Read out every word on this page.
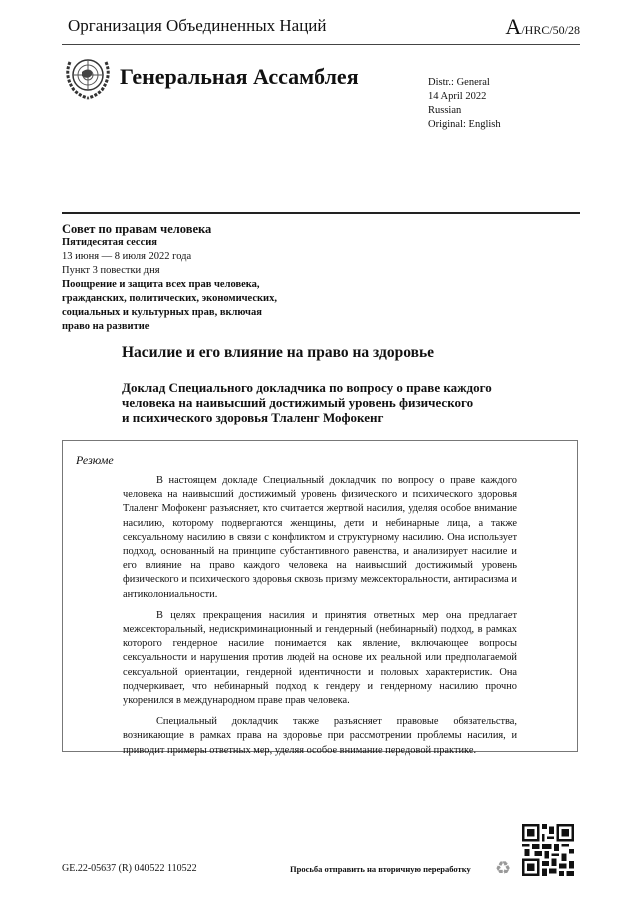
Организация Объединенных Наций	A/HRC/50/28
Генеральная Ассамблея	Distr.: General
14 April 2022
Russian
Original: English
Совет по правам человека
Пятидесятая сессия
13 июня — 8 июля 2022 года
Пункт 3 повестки дня
Поощрение и защита всех прав человека,
гражданских, политических, экономических,
социальных и культурных прав, включая
право на развитие
Насилие и его влияние на право на здоровье
Доклад Специального докладчика по вопросу о праве каждого
человека на наивысший достижимый уровень физического
и психического здоровья Тлаленг Мофокенг
Резюме

В настоящем докладе Специальный докладчик по вопросу о праве каждого человека на наивысший достижимый уровень физического и психического здоровья Тлаленг Мофокенг разъясняет, кто считается жертвой насилия, уделяя особое внимание насилию, которому подвергаются женщины, дети и небинарные лица, а также сексуальному насилию в связи с конфликтом и структурному насилию. Она использует подход, основанный на принципе субстантивного равенства, и анализирует насилие и его влияние на право каждого человека на наивысший достижимый уровень физического и психического здоровья сквозь призму межсекторальности, антирасизма и антиколониальности.

В целях прекращения насилия и принятия ответных мер она предлагает межсекторальный, недискриминационный и гендерный (небинарный) подход, в рамках которого гендерное насилие понимается как явление, включающее вопросы сексуальности и нарушения против людей на основе их реальной или предполагаемой сексуальной ориентации, гендерной идентичности и половых характеристик. Она подчеркивает, что небинарный подход к гендеру и гендерному насилию прочно укоренился в международном праве прав человека.

Специальный докладчик также разъясняет правовые обязательства, возникающие в рамках права на здоровье при рассмотрении проблемы насилия, и приводит примеры ответных мер, уделяя особое внимание передовой практике.

GE.22-05637 (R) 040522 110522	Просьба отправить на вторичную переработку ♻
